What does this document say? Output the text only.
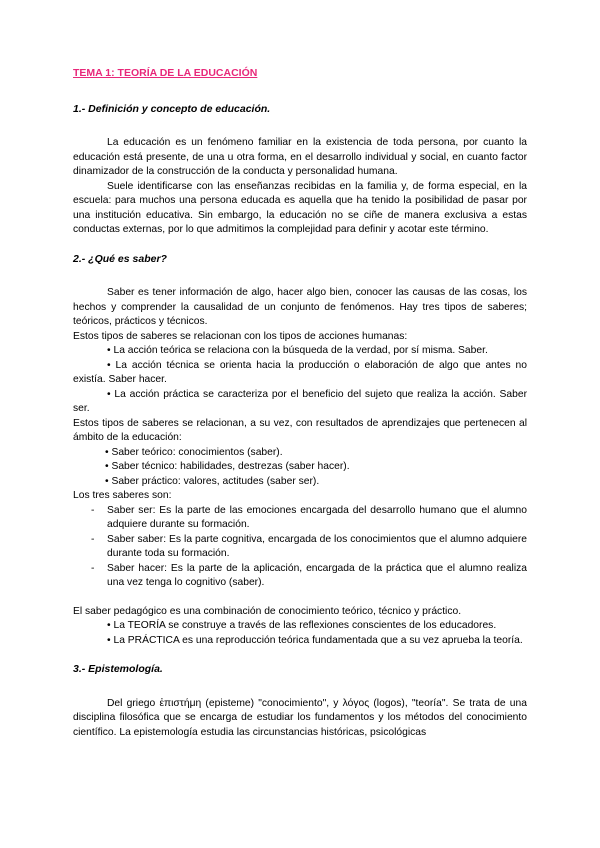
TEMA 1: TEORÍA DE LA EDUCACIÓN
1.- Definición y concepto de educación.

La educación es un fenómeno familiar en la existencia de toda persona, por cuanto la educación está presente, de una u otra forma, en el desarrollo individual y social, en cuanto factor dinamizador de la construcción de la conducta y personalidad humana.

Suele identificarse con las enseñanzas recibidas en la familia y, de forma especial, en la escuela: para muchos una persona educada es aquella que ha tenido la posibilidad de pasar por una institución educativa. Sin embargo, la educación no se ciñe de manera exclusiva a estas conductas externas, por lo que admitimos la complejidad para definir y acotar este término.

2.- ¿Qué es saber?

Saber es tener información de algo, hacer algo bien, conocer las causas de las cosas, los hechos y comprender la causalidad de un conjunto de fenómenos. Hay tres tipos de saberes; teóricos, prácticos y técnicos.

Estos tipos de saberes se relacionan con los tipos de acciones humanas:

• La acción teórica se relaciona con la búsqueda de la verdad, por sí misma. Saber.

• La acción técnica se orienta hacia la producción o elaboración de algo que antes no existía. Saber hacer.

• La acción práctica se caracteriza por el beneficio del sujeto que realiza la acción. Saber ser.

Estos tipos de saberes se relacionan, a su vez, con resultados de aprendizajes que pertenecen al ámbito de la educación:

• Saber teórico: conocimientos (saber).

• Saber técnico: habilidades, destrezas (saber hacer).

• Saber práctico: valores, actitudes (saber ser).

Los tres saberes son:

- Saber ser: Es la parte de las emociones encargada del desarrollo humano que el alumno adquiere durante su formación.
- Saber saber: Es la parte cognitiva, encargada de los conocimientos que el alumno adquiere durante toda su formación.
- Saber hacer: Es la parte de la aplicación, encargada de la práctica que el alumno realiza una vez tenga lo cognitivo (saber).

El saber pedagógico es una combinación de conocimiento teórico, técnico y práctico.

• La TEORÍA se construye a través de las reflexiones conscientes de los educadores.

• La PRÁCTICA es una reproducción teórica fundamentada que a su vez aprueba la teoría.

3.- Epistemología.

Del griego ἐπιστήμη (episteme) "conocimiento", y λόγος (logos), "teoría". Se trata de una disciplina filosófica que se encarga de estudiar los fundamentos y los métodos del conocimiento científico. La epistemología estudia las circunstancias históricas, psicológicas
